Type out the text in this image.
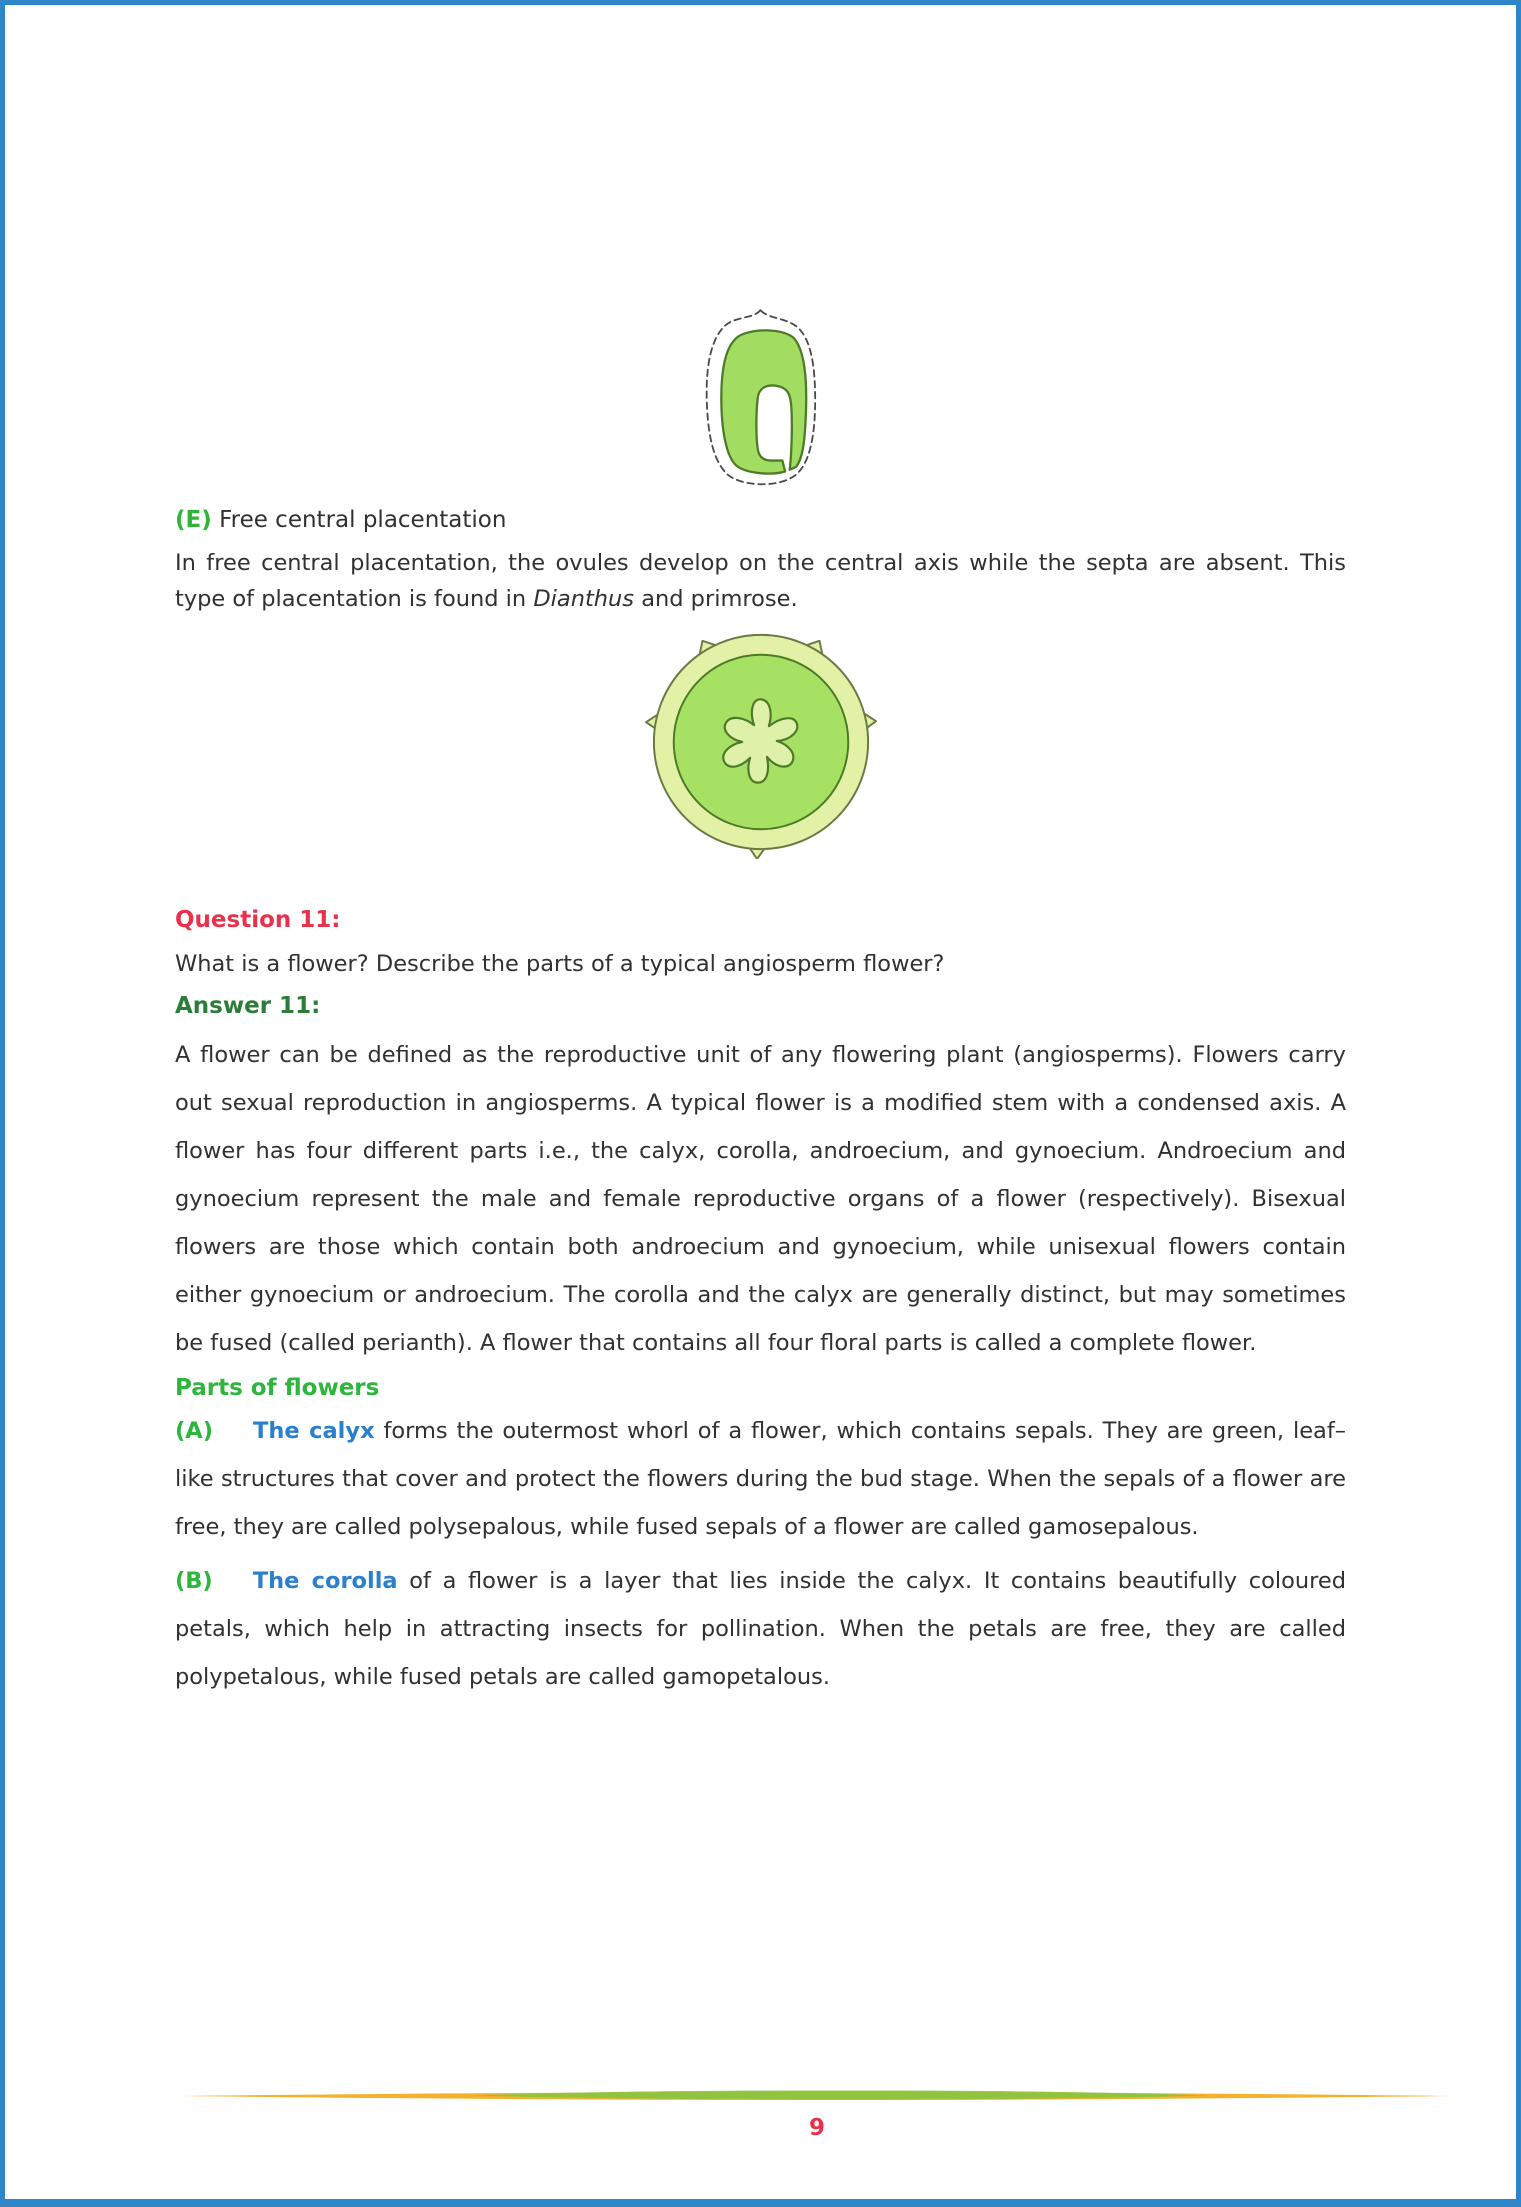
(E) Free central placentation

In free central placentation, the ovules develop on the central axis while the septa are absent. This type of placentation is found in Dianthus and primrose.

Question 11:

What is a flower? Describe the parts of a typical angiosperm flower?

Answer 11:

A flower can be defined as the reproductive unit of any flowering plant (angiosperms). Flowers carry out sexual reproduction in angiosperms. A typical flower is a modified stem with a condensed axis. A flower has four different parts i.e., the calyx, corolla, androecium, and gynoecium. Androecium and gynoecium represent the male and female reproductive organs of a flower (respectively). Bisexual flowers are those which contain both androecium and gynoecium, while unisexual flowers contain either gynoecium or androecium. The corolla and the calyx are generally distinct, but may sometimes be fused (called perianth). A flower that contains all four floral parts is called a complete flower.

Parts of flowers

(A) The calyx forms the outermost whorl of a flower, which contains sepals. They are green, leaf–like structures that cover and protect the flowers during the bud stage. When the sepals of a flower are free, they are called polysepalous, while fused sepals of a flower are called gamosepalous.

(B) The corolla of a flower is a layer that lies inside the calyx. It contains beautifully coloured petals, which help in attracting insects for pollination. When the petals are free, they are called polypetalous, while fused petals are called gamopetalous.

9
